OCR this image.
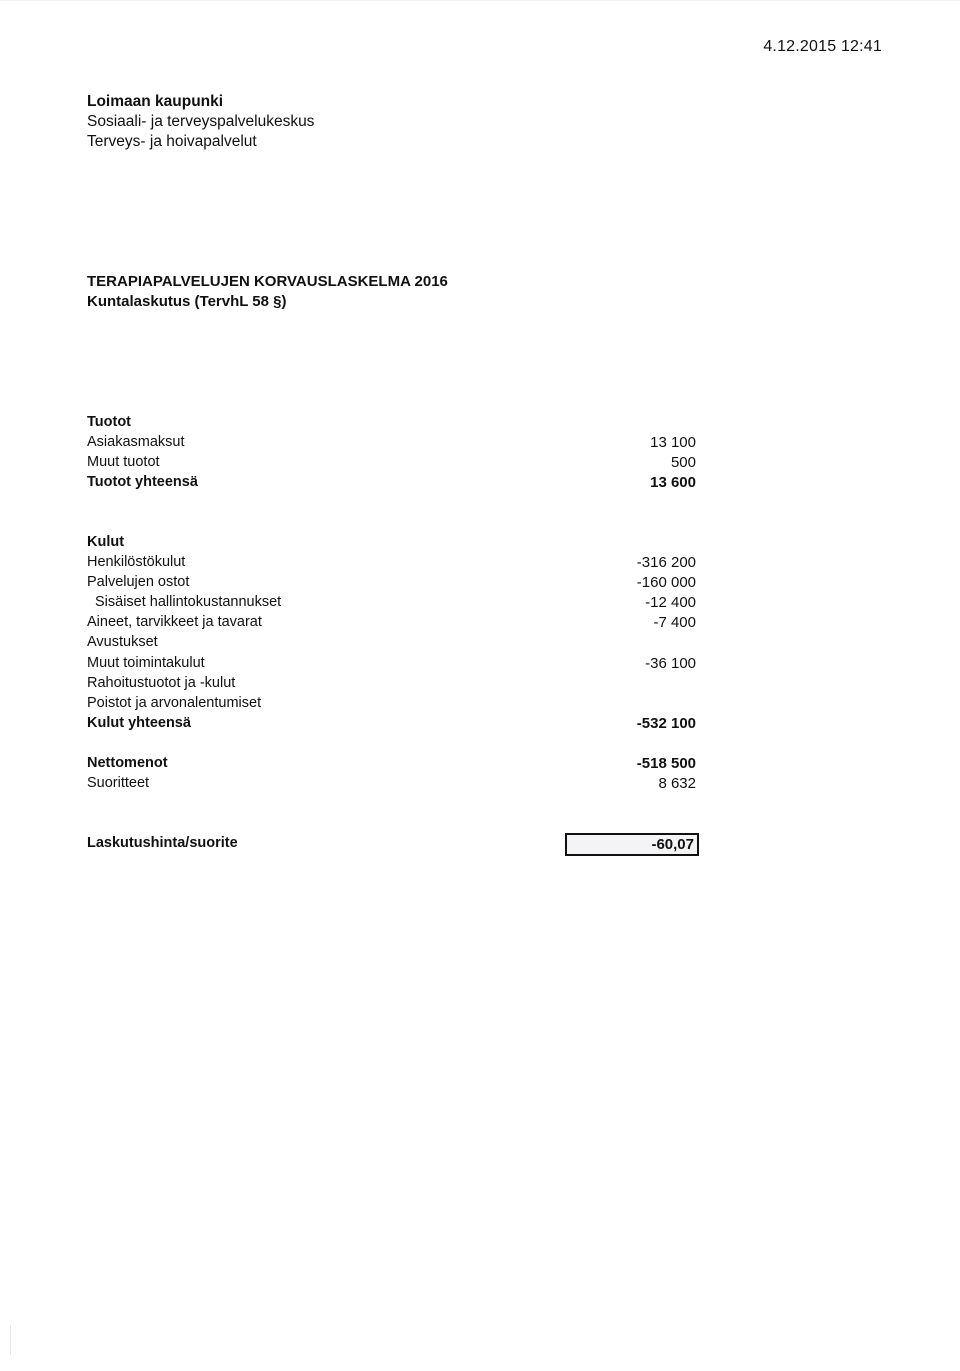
4.12.2015 12:41
Loimaan kaupunki
Sosiaali- ja terveyspalvelukeskus
Terveys- ja hoivapalvelut
TERAPIAPALVELUJEN KORVAUSLASKELMA 2016
Kuntalaskutus (TervhL 58 §)
Tuotot
Asiakasmaksut	13 100
Muut tuotot	500
Tuotot yhteensä	13 600
Kulut
Henkilöstökulut	-316 200
Palvelujen ostot	-160 000
Sisäiset hallintokustannukset	-12 400
Aineet, tarvikkeet ja tavarat	-7 400
Avustukset
Muut toimintakulut	-36 100
Rahoitustuotot ja -kulut
Poistot ja arvonalentumiset
Kulut yhteensä	-532 100
Nettomenot	-518 500
Suoritteet	8 632
Laskutushinta/suorite	-60,07
